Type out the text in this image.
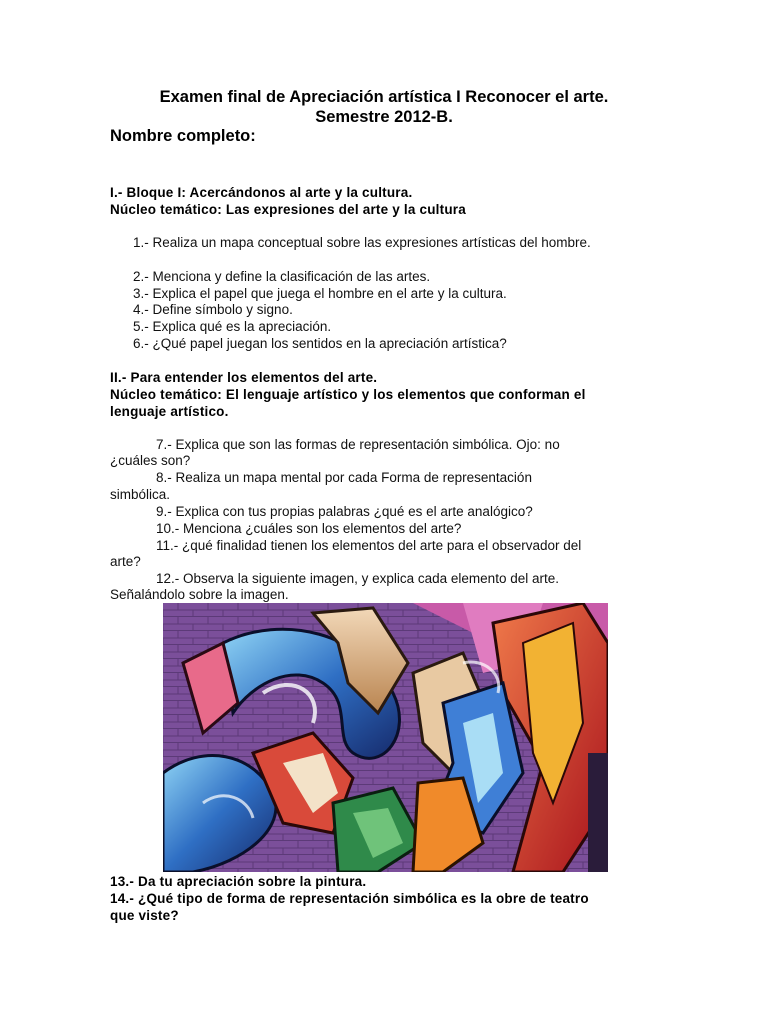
Examen final de Apreciación artística I Reconocer el arte.
Semestre 2012-B.
Nombre completo:
I.- Bloque I: Acercándonos al arte y la cultura.
Núcleo temático: Las expresiones del arte y la cultura
1.- Realiza un mapa conceptual sobre las expresiones artísticas del hombre.
2.- Menciona y define la clasificación de las artes.
3.- Explica el papel que juega el hombre en el arte y la cultura.
4.- Define símbolo y signo.
5.- Explica qué es la apreciación.
6.- ¿Qué papel juegan los sentidos en la apreciación artística?
II.- Para entender los elementos del arte.
Núcleo temático: El lenguaje artístico y los elementos que conforman el
lenguaje artístico.
7.- Explica que son las formas de representación simbólica. Ojo: no
¿cuáles son?
8.- Realiza un mapa mental por cada Forma de representación
simbólica.
9.- Explica con tus propias palabras ¿qué es el arte analógico?
10.- Menciona ¿cuáles son los elementos del arte?
11.- ¿qué finalidad tienen los elementos del arte para el observador del
arte?
12.- Observa la siguiente imagen, y explica cada elemento del arte.
Señalándolo sobre la imagen.
13.- Da tu apreciación sobre la pintura.
14.- ¿Qué tipo de forma de representación simbólica es la obre de teatro
que viste?
